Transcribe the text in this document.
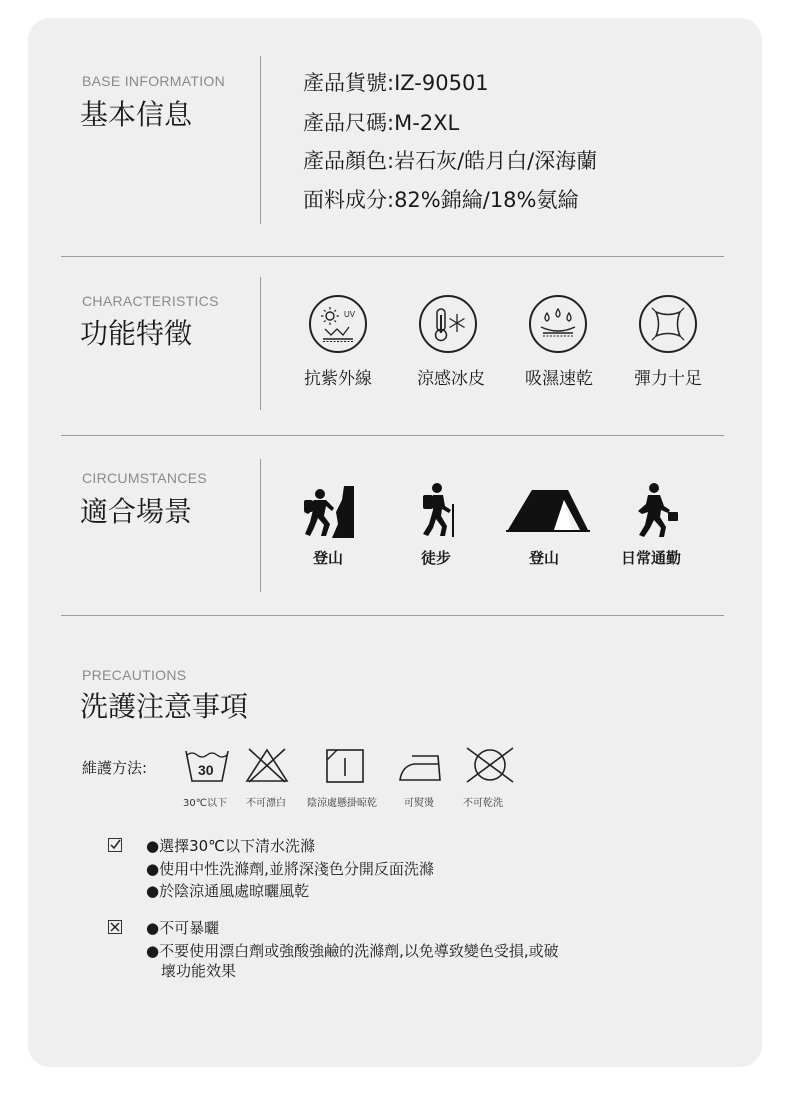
BASE INFORMATION
基本信息
產品貨號:IZ-90501
產品尺碼:M-2XL
產品顏色:岩石灰/皓月白/深海蘭
面料成分:82%錦綸/18%氨綸
CHARACTERISTICS
功能特徵
UV
抗紫外線	涼感冰皮	吸濕速乾	彈力十足
CIRCUMSTANCES
適合場景
登山	徒步	登山	日常通勤
PRECAUTIONS
洗護注意事項
維護方法:	30
30℃以下 不可漂白 陰涼處懸掛晾乾	可熨燙	不可乾洗
●選擇30℃以下清水洗滌
●使用中性洗滌劑,並將深淺色分開反面洗滌
●於陰涼通風處晾曬風乾
●不可暴曬
●不要使用漂白劑或強酸強鹼的洗滌劑,以免導致變色受損,或破
壞功能效果
